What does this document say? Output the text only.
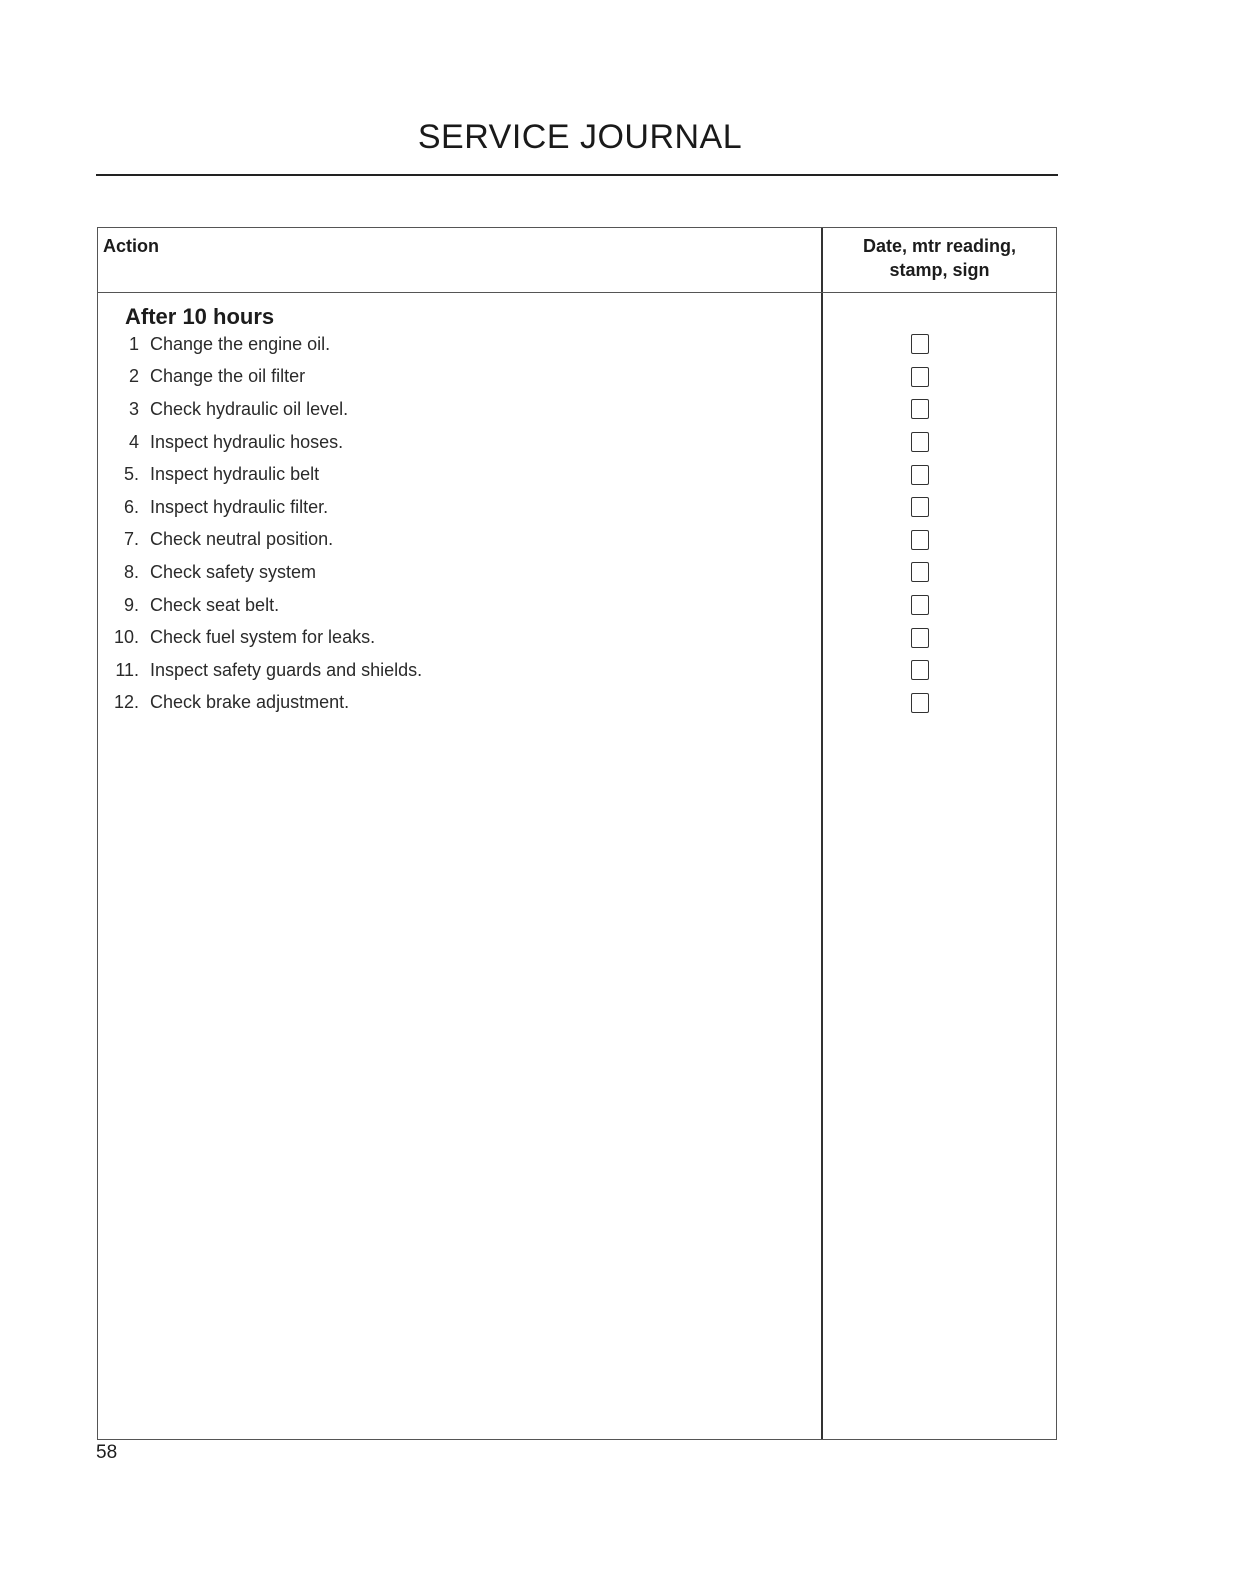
SERVICE JOURNAL
Action	Date, mtr reading,
stamp, sign
After 10 hours
1 Change the engine oil.
2 Change the oil filter
3 Check hydraulic oil level.
4 Inspect hydraulic hoses.
5. Inspect hydraulic belt
6. Inspect hydraulic filter.
7. Check neutral position.
8. Check safety system
9. Check seat belt.
10. Check fuel system for leaks.
11. Inspect safety guards and shields.
12. Check brake adjustment.
58
